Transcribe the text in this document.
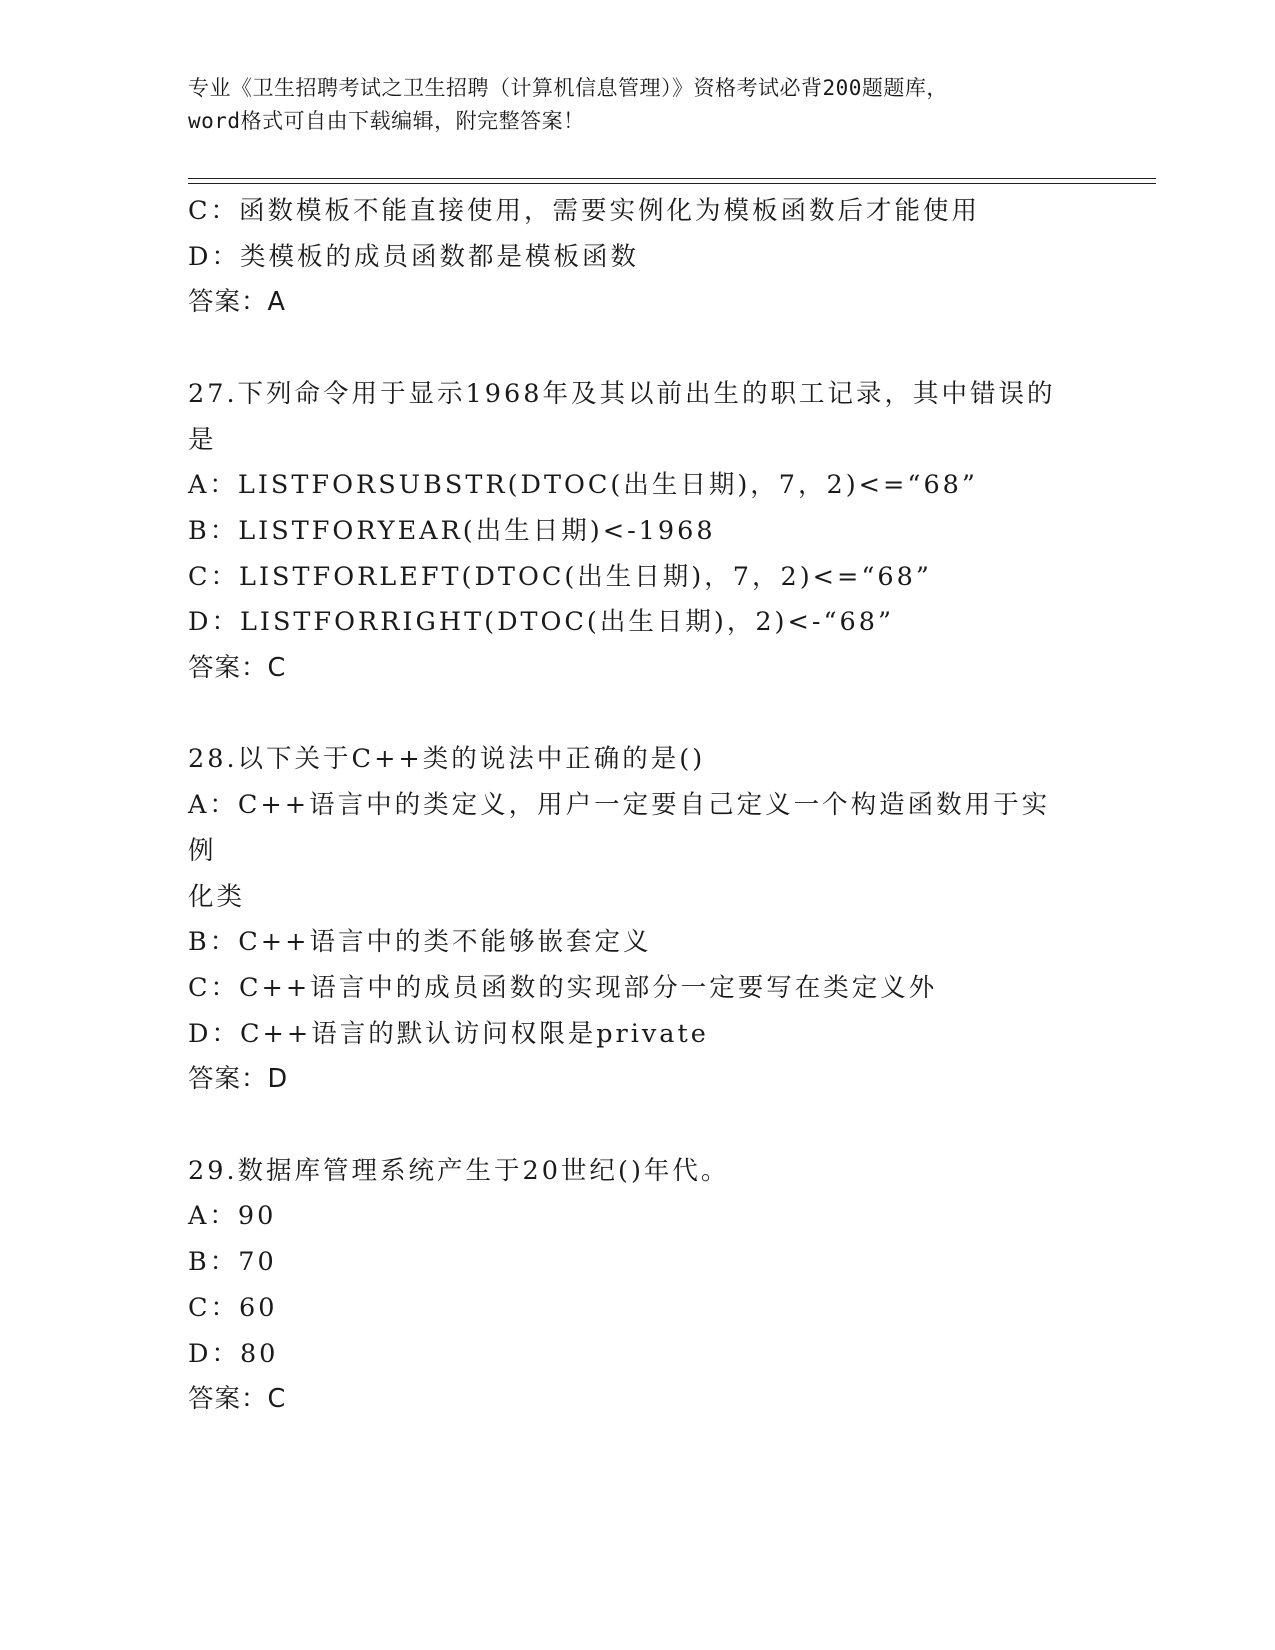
专业《卫生招聘考试之卫生招聘（计算机信息管理）》资格考试必背200题题库，
word格式可自由下载编辑，附完整答案！
C：函数模板不能直接使用，需要实例化为模板函数后才能使用
D：类模板的成员函数都是模板函数
答案：A
27.下列命令用于显示1968年及其以前出生的职工记录，其中错误的
是
A：LISTFORSUBSTR(DTOC(出生日期)，7，2)<=“68”
B：LISTFORYEAR(出生日期)<-1968
C：LISTFORLEFT(DTOC(出生日期)，7，2)<=“68”
D：LISTFORRIGHT(DTOC(出生日期)，2)<-“68”
答案：C
28.以下关于C++类的说法中正确的是()
A：C++语言中的类定义，用户一定要自己定义一个构造函数用于实例
化类
B：C++语言中的类不能够嵌套定义
C：C++语言中的成员函数的实现部分一定要写在类定义外
D：C++语言的默认访问权限是private
答案：D
29.数据库管理系统产生于20世纪()年代。
A：90
B：70
C：60
D：80
答案：C
